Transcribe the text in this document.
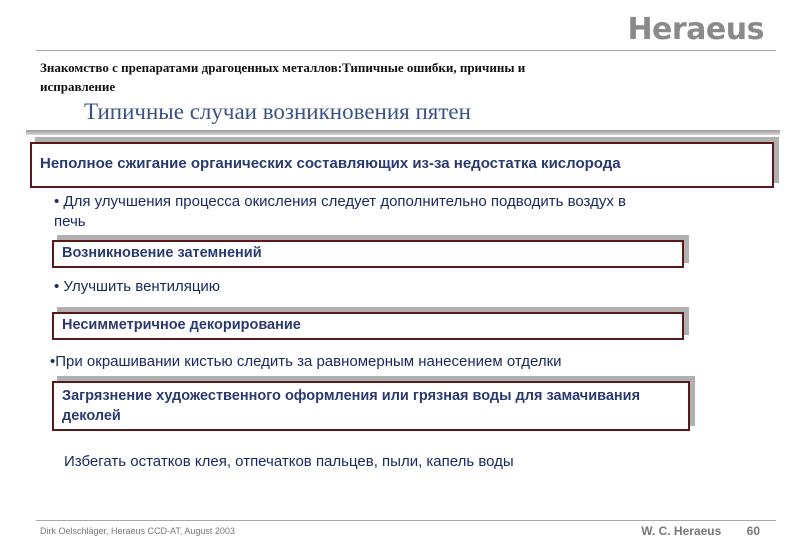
Heraeus
Знакомство с препаратами драгоценных металлов:Типичные ошибки, причины и исправление
Типичные случаи возникновения пятен
Неполное сжигание органических составляющих из-за недостатка кислорода
• Для улучшения процесса окисления следует дополнительно подводить воздух в печь
Возникновение затемнений
• Улучшить вентиляцию
Несимметричное декорирование
•При окрашивании кистью следить за равномерным нанесением отделки
Загрязнение художественного оформления или грязная воды для замачивания деколей
Избегать остатков клея, отпечатков пальцев, пыли, капель воды
Dirk Oelschläger, Heraeus CCD-AT, August 2003	W. C. Heraeus 60
